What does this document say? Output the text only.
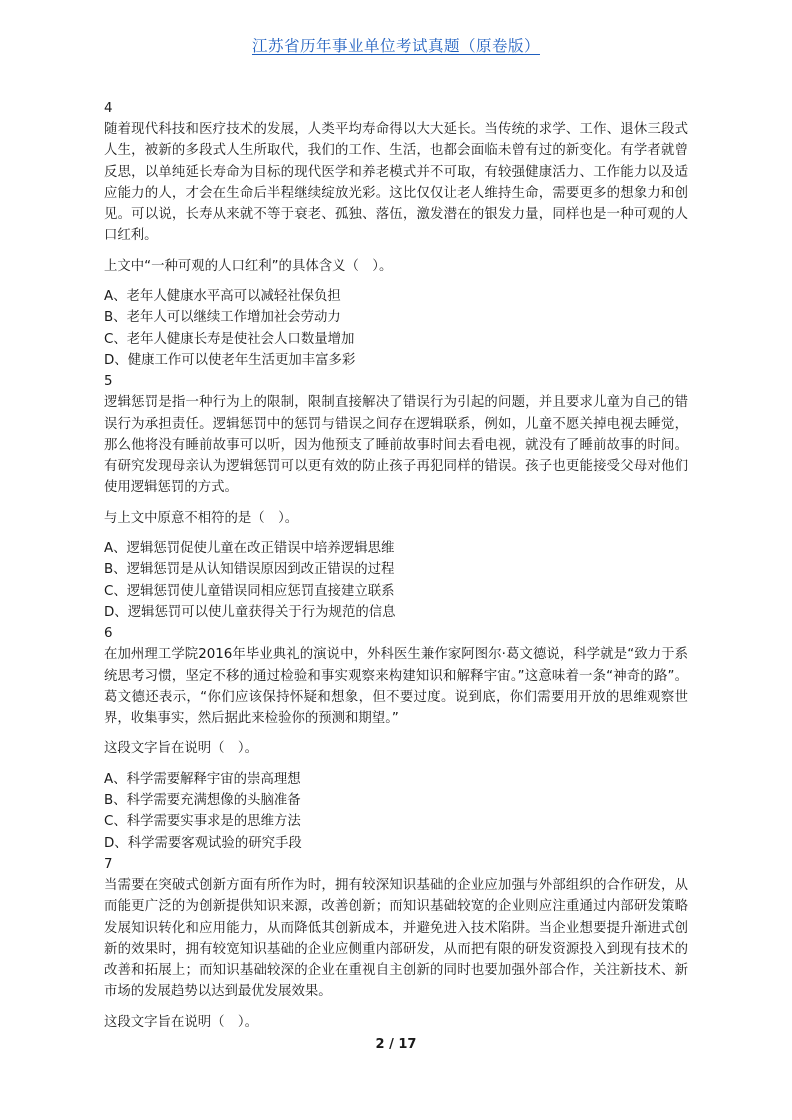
江苏省历年事业单位考试真题（原卷版）

4

随着现代科技和医疗技术的发展，人类平均寿命得以大大延长。当传统的求学、工作、退休三段式人生，被新的多段式人生所取代，我们的工作、生活，也都会面临未曾有过的新变化。有学者就曾反思，以单纯延长寿命为目标的现代医学和养老模式并不可取，有较强健康活力、工作能力以及适应能力的人，才会在生命后半程继续绽放光彩。这比仅仅让老人维持生命，需要更多的想象力和创见。可以说，长寿从来就不等于衰老、孤独、落伍，激发潜在的银发力量，同样也是一种可观的人口红利。

上文中“一种可观的人口红利”的具体含义（　）。

A、老年人健康水平高可以减轻社保负担
B、老年人可以继续工作增加社会劳动力
C、老年人健康长寿是使社会人口数量增加
D、健康工作可以使老年生活更加丰富多彩

5

逻辑惩罚是指一种行为上的限制，限制直接解决了错误行为引起的问题，并且要求儿童为自己的错误行为承担责任。逻辑惩罚中的惩罚与错误之间存在逻辑联系，例如，儿童不愿关掉电视去睡觉，那么他将没有睡前故事可以听，因为他预支了睡前故事时间去看电视，就没有了睡前故事的时间。有研究发现母亲认为逻辑惩罚可以更有效的防止孩子再犯同样的错误。孩子也更能接受父母对他们使用逻辑惩罚的方式。

与上文中原意不相符的是（　）。

A、逻辑惩罚促使儿童在改正错误中培养逻辑思维
B、逻辑惩罚是从认知错误原因到改正错误的过程
C、逻辑惩罚使儿童错误同相应惩罚直接建立联系
D、逻辑惩罚可以使儿童获得关于行为规范的信息

6

在加州理工学院2016年毕业典礼的演说中，外科医生兼作家阿图尔·葛文德说，科学就是“致力于系统思考习惯，坚定不移的通过检验和事实观察来构建知识和解释宇宙。”这意味着一条“神奇的路”。葛文德还表示，“你们应该保持怀疑和想象，但不要过度。说到底，你们需要用开放的思维观察世界，收集事实，然后据此来检验你的预测和期望。”

这段文字旨在说明（　）。

A、科学需要解释宇宙的崇高理想
B、科学需要充满想像的头脑准备
C、科学需要实事求是的思维方法
D、科学需要客观试验的研究手段

7

当需要在突破式创新方面有所作为时，拥有较深知识基础的企业应加强与外部组织的合作研发，从而能更广泛的为创新提供知识来源，改善创新；而知识基础较宽的企业则应注重通过内部研发策略发展知识转化和应用能力，从而降低其创新成本，并避免进入技术陷阱。当企业想要提升渐进式创新的效果时，拥有较宽知识基础的企业应侧重内部研发，从而把有限的研发资源投入到现有技术的改善和拓展上；而知识基础较深的企业在重视自主创新的同时也要加强外部合作，关注新技术、新市场的发展趋势以达到最优发展效果。

这段文字旨在说明（　）。

2 / 17
